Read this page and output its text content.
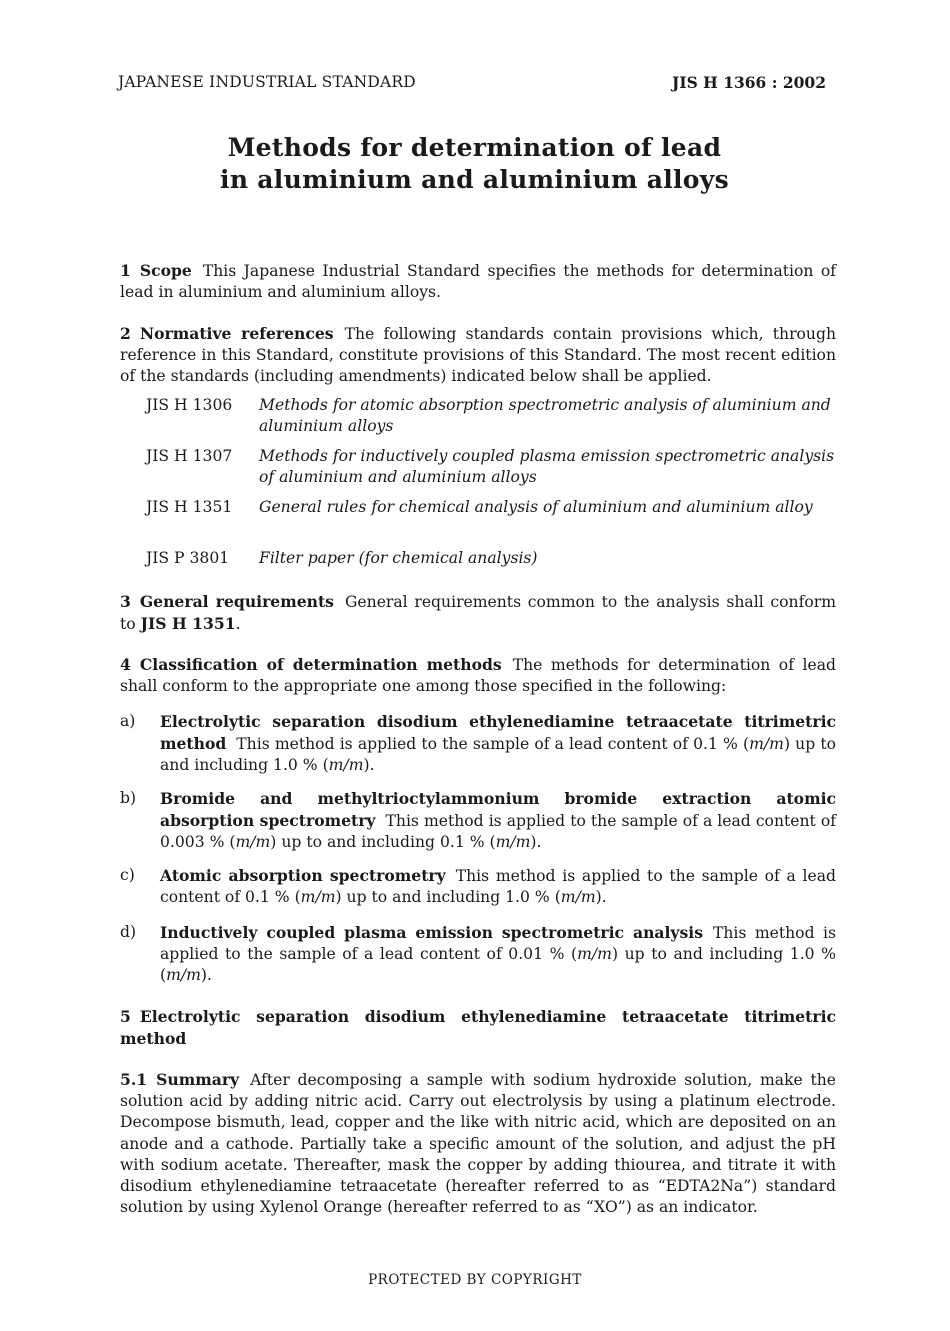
JAPANESE INDUSTRIAL STANDARD	JIS H 1366 : 2002
Methods for determination of lead
in aluminium and aluminium alloys

1 Scope This Japanese Industrial Standard specifies the methods for determination of lead in aluminium and aluminium alloys.

2 Normative references The following standards contain provisions which, through reference in this Standard, constitute provisions of this Standard. The most recent edition of the standards (including amendments) indicated below shall be applied.

JIS H 1306	Methods for atomic absorption spectrometric analysis of aluminium and aluminium alloys
JIS H 1307	Methods for inductively coupled plasma emission spectrometric analysis of aluminium and aluminium alloys
JIS H 1351	General rules for chemical analysis of aluminium and aluminium alloy
JIS P 3801	Filter paper (for chemical analysis)

3 General requirements General requirements common to the analysis shall conform to JIS H 1351.

4 Classification of determination methods The methods for determination of lead shall conform to the appropriate one among those specified in the following:

a)	Electrolytic separation disodium ethylenediamine tetraacetate titrimetric method This method is applied to the sample of a lead content of 0.1 % (m/m) up to and including 1.0 % (m/m).
b)	Bromide and methyltrioctylammonium bromide extraction atomic absorption spectrometry This method is applied to the sample of a lead content of 0.003 % (m/m) up to and including 0.1 % (m/m).
c)	Atomic absorption spectrometry This method is applied to the sample of a lead content of 0.1 % (m/m) up to and including 1.0 % (m/m).
d)	Inductively coupled plasma emission spectrometric analysis This method is applied to the sample of a lead content of 0.01 % (m/m) up to and including 1.0 % (m/m).

5 Electrolytic separation disodium ethylenediamine tetraacetate titrimetric method

5.1 Summary After decomposing a sample with sodium hydroxide solution, make the solution acid by adding nitric acid. Carry out electrolysis by using a platinum electrode. Decompose bismuth, lead, copper and the like with nitric acid, which are deposited on an anode and a cathode. Partially take a specific amount of the solution, and adjust the pH with sodium acetate. Thereafter, mask the copper by adding thiourea, and titrate it with disodium ethylenediamine tetraacetate (hereafter referred to as “EDTA2Na”) standard solution by using Xylenol Orange (hereafter referred to as “XO”) as an indicator.

PROTECTED BY COPYRIGHT
